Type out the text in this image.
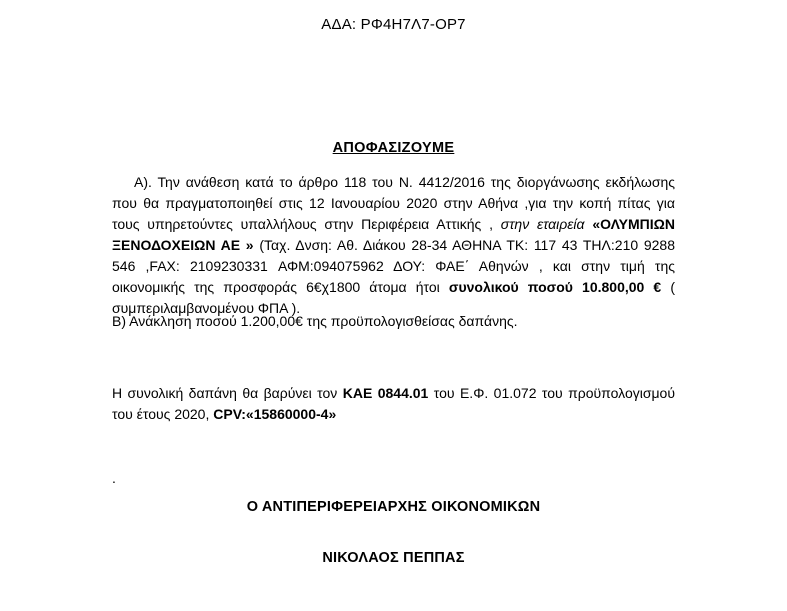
ΑΔΑ: ΡΦ4Η7Λ7-ΟΡ7
ΑΠΟΦΑΣΙΖΟΥΜΕ
Α). Την ανάθεση κατά το άρθρο 118 του Ν. 4412/2016 της διοργάνωσης εκδήλωσης που θα πραγματοποιηθεί στις 12 Ιανουαρίου 2020 στην Αθήνα ,για την κοπή πίτας για τους υπηρετούντες υπαλλήλους στην Περιφέρεια Αττικής , στην εταιρεία «ΟΛΥΜΠΙΩΝ ΞΕΝΟΔΟΧΕΙΩΝ ΑΕ » (Ταχ. Δνση: Αθ. Διάκου 28-34 ΑΘΗΝΑ ΤΚ: 117 43 ΤΗΛ:210 9288 546 ,FAX: 2109230331 ΑΦΜ:094075962 ΔΟΥ: ΦΑΕ΄ Αθηνών , και στην τιμή της οικονομικής της προσφοράς 6€χ1800 άτομα ήτοι συνολικού ποσού 10.800,00 € ( συμπεριλαμβανομένου ΦΠΑ ).
Β) Ανάκληση ποσού 1.200,00€ της προϋπολογισθείσας δαπάνης.
Η συνολική δαπάνη θα βαρύνει τον ΚΑΕ 0844.01 του Ε.Φ. 01.072 του προϋπολογισμού του έτους 2020, CPV:«15860000-4»
.
Ο ΑΝΤΙΠΕΡΙΦΕΡΕΙΑΡΧΗΣ ΟΙΚΟΝΟΜΙΚΩΝ
ΝΙΚΟΛΑΟΣ ΠΕΠΠΑΣ
